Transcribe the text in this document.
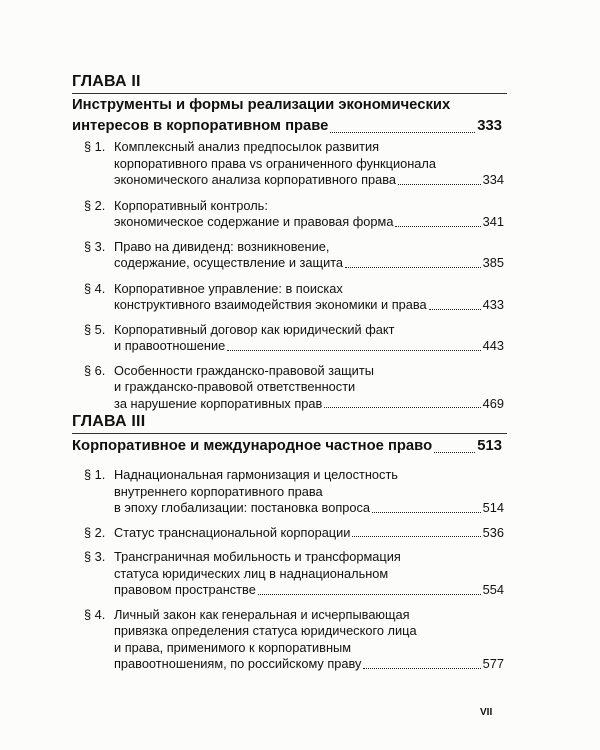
ГЛАВА II
Инструменты и формы реализации экономических
интересов в корпоративном праве	333
§ 1. Комплексный анализ предпосылок развития
корпоративного права vs ограниченного функционала
экономического анализа корпоративного права	334
§ 2. Корпоративный контроль:
экономическое содержание и правовая форма	341
§ 3. Право на дивиденд: возникновение,
содержание, осуществление и защита	385
§ 4. Корпоративное управление: в поисках
конструктивного взаимодействия экономики и права	433
§ 5. Корпоративный договор как юридический факт
и правоотношение	443
§ 6. Особенности гражданско-правовой защиты
и гражданско-правовой ответственности
за нарушение корпоративных прав	469
ГЛАВА III
Корпоративное и международное частное право	513
§ 1. Наднациональная гармонизация и целостность
внутреннего корпоративного права
в эпоху глобализации: постановка вопроса	514
§ 2. Статус транснациональной корпорации	536
§ 3. Трансграничная мобильность и трансформация
статуса юридических лиц в наднациональном
правовом пространстве	554
§ 4. Личный закон как генеральная и исчерпывающая
привязка определения статуса юридического лица
и права, применимого к корпоративным
правоотношениям, по российскому праву	577
VII
